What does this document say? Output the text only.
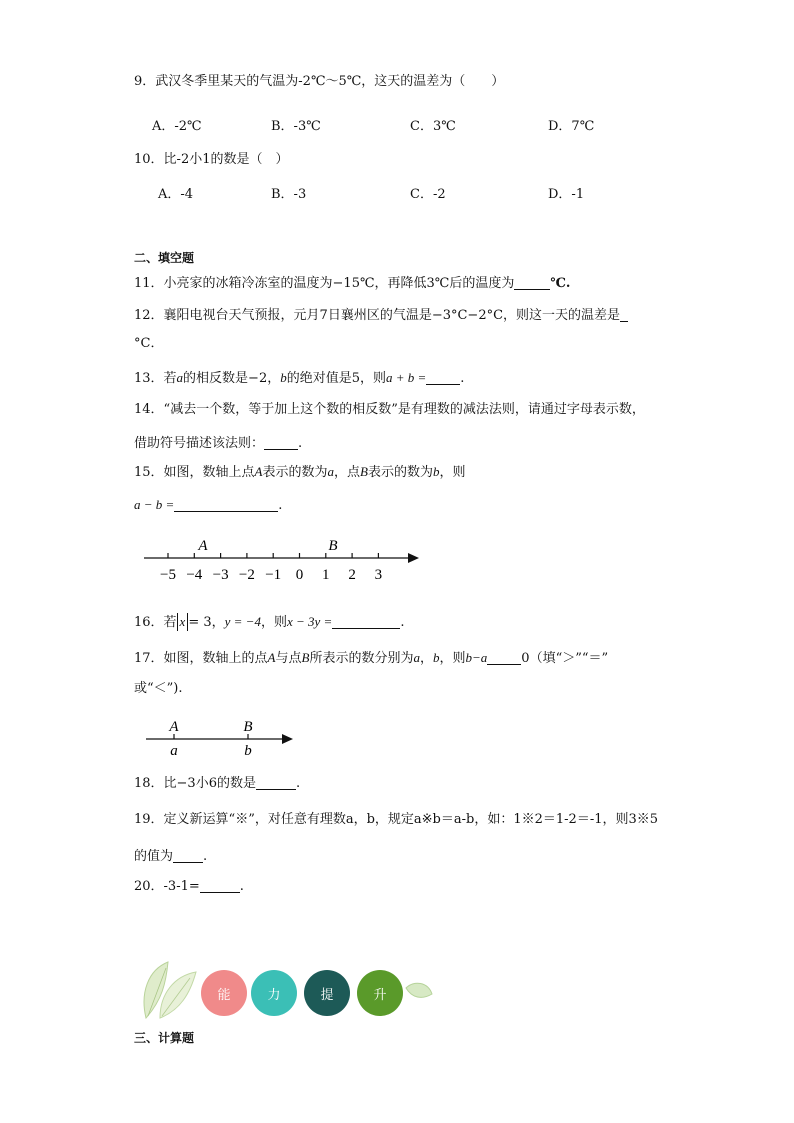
9．武汉冬季里某天的气温为-2℃～5℃，这天的温差为（　　）
A．-2℃	B．-3℃	C．3℃	D．7℃
10．比-2小1的数是（　）
A．-4	B．-3	C．-2	D．-1
二、填空题
11．小亮家的冰箱冷冻室的温度为−15℃，再降低3℃后的温度为	℃.
12．襄阳电视台天气预报，元月7日襄州区的气温是−3°C−2°C，则这一天的温差是
°C．
13．若a的相反数是−2，b的绝对值是5，则a + b =	.
14．“减去一个数，等于加上这个数的相反数”是有理数的减法法则，请通过字母表示数，
借助符号描述该法则：	.
15．如图，数轴上点A表示的数为a，点B表示的数为b，则
a − b =	.
−5 −4 −3 −2 −1 0 1 2 3
A	B
16．若 x = 3，y = −4，则x − 3y =	.
17．如图，数轴上的点A与点B所表示的数分别为a，b，则b−a	0（填“＞”“＝”
或“＜”).
A	B
a	b
18．比−3小6的数是	.
19．定义新运算“※”，对任意有理数a，b，规定a※b＝a-b，如：1※2＝1-2＝-1，则3※5
的值为 .
20．-3-1=	.
能	力	提	升
三、计算题
